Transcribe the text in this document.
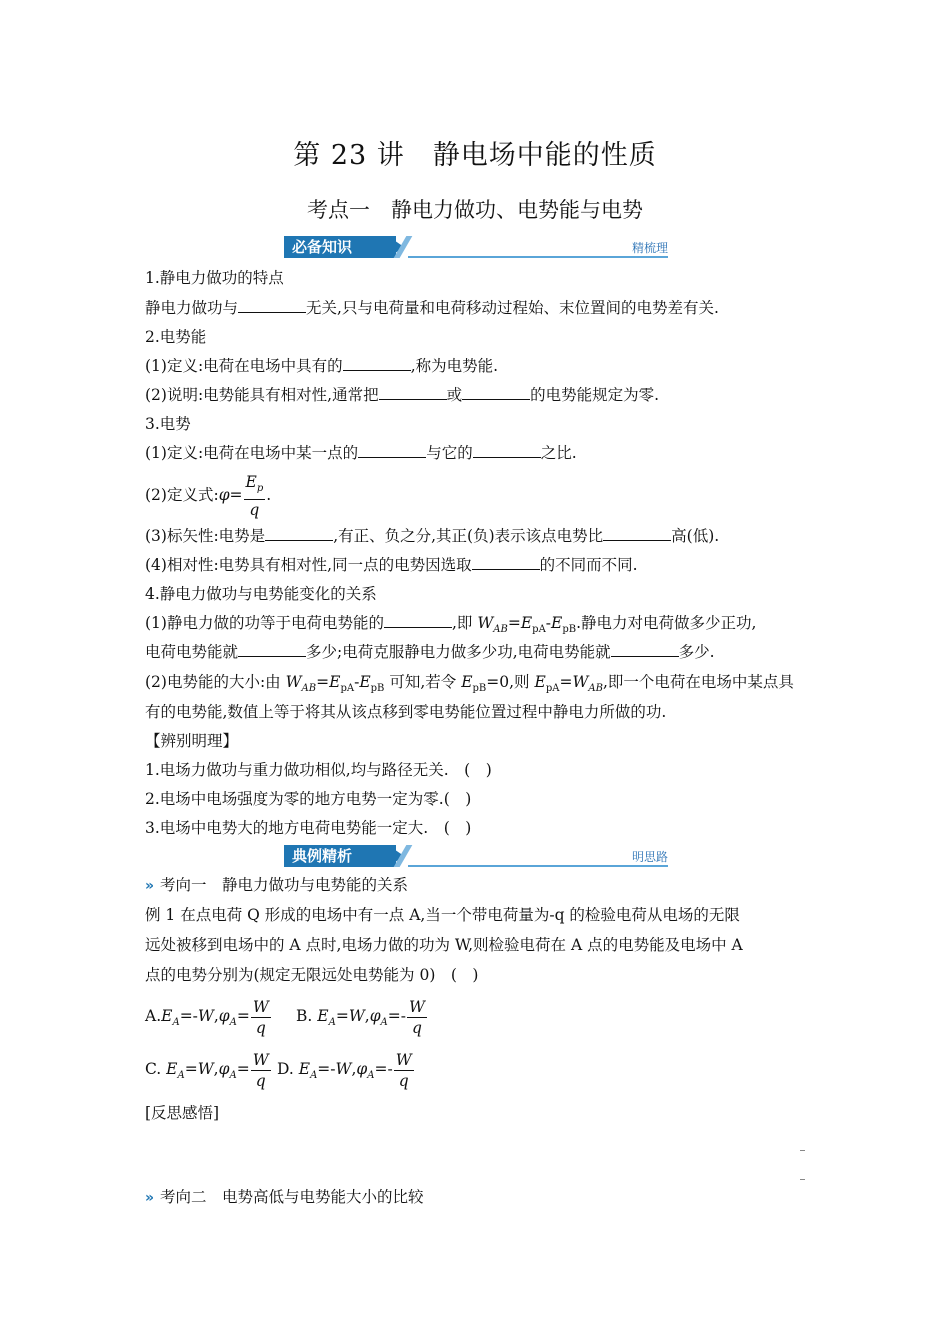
第 23 讲　静电场中能的性质
考点一　静电力做功、电势能与电势
必备知识	精梳理
1.静电力做功的特点
静电力做功与	无关,只与电荷量和电荷移动过程始、末位置间的电势差有关.
2.电势能
(1)定义:电荷在电场中具有的	,称为电势能.
(2)说明:电势能具有相对性,通常把	或	的电势能规定为零.
3.电势
(1)定义:电荷在电场中某一点的	与它的	之比.
(2)定义式:φ= $\frac{E_p}{q}$ .
(3)标矢性:电势是	,有正、负之分,其正(负)表示该点电势比	高(低).
(4)相对性:电势具有相对性,同一点的电势因选取	的不同而不同.
4.静电力做功与电势能变化的关系
(1)静电力做的功等于电荷电势能的	,即 $W_{AB}=E_{pA}-E_{pB}$.静电力对电荷做多少正功,
电荷电势能就	多少;电荷克服静电力做多少功,电荷电势能就	多少.
(2)电势能的大小:由 $W_{AB}=E_{pA}-E_{pB}$ 可知,若令 $E_{pB}=0$,则 $E_{pA}=W_{AB}$,即一个电荷在电场中某点具
有的电势能,数值上等于将其从该点移到零电势能位置过程中静电力所做的功.
【辨别明理】
1.电场力做功与重力做功相似,均与路径无关.　(　)
2.电场中电场强度为零的地方电势一定为零.(　)
3.电场中电势大的地方电荷电势能一定大.　(　)
典例精析	明思路
» 考向一　静电力做功与电势能的关系
例 1 在点电荷 Q 形成的电场中有一点 A,当一个带电荷量为-q 的检验电荷从电场的无限
远处被移到电场中的 A 点时,电场力做的功为 W,则检验电荷在 A 点的电势能及电场中 A
点的电势分别为(规定无限远处电势能为 0)　(　)
$A.E_A=-W,\varphi_A= \frac{W}{q} B$. $E_A=W,\varphi_A=- \frac{W}{q}$
C. $E_A=W,\varphi_A= \frac{W}{q} D$. $E_A=-W,\varphi_A=- \frac{W}{q}$
[反思感悟]
» 考向二　电势高低与电势能大小的比较
